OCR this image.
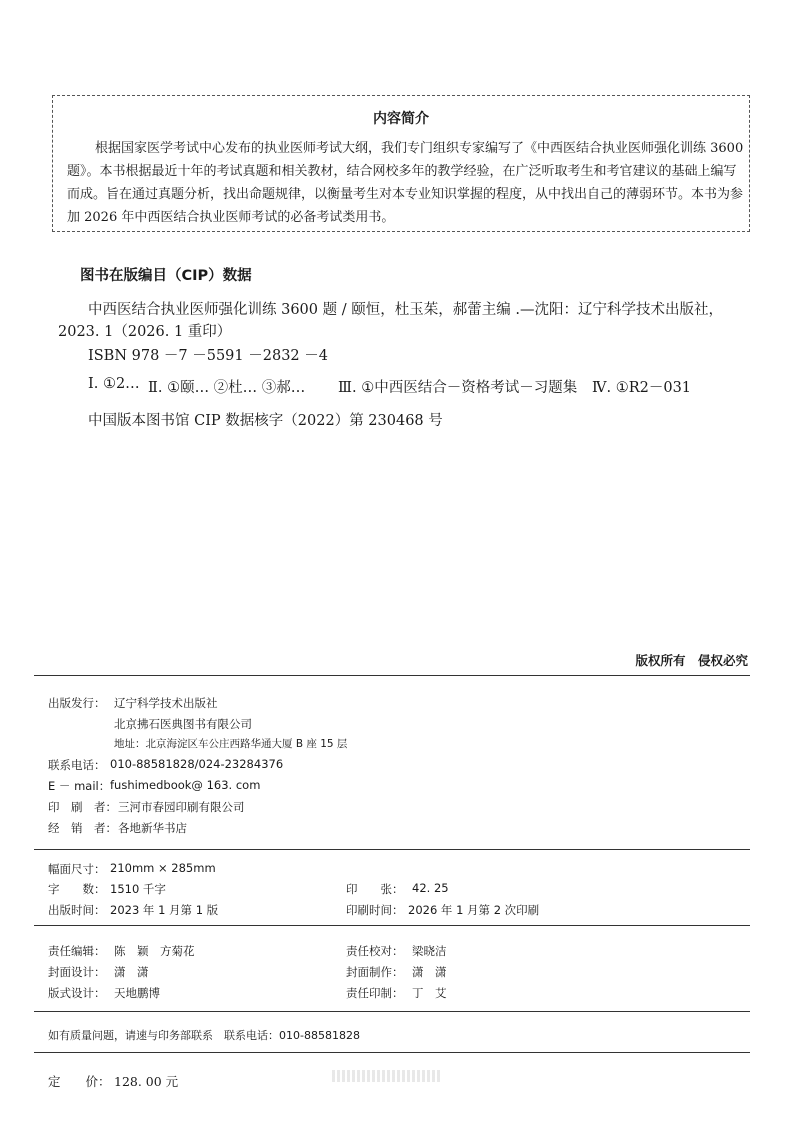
内容简介
根据国家医学考试中心发布的执业医师考试大纲，我们专门组织专家编写了《中西医结合执业医师强化训练 3600
题》。本书根据最近十年的考试真题和相关教材，结合网校多年的教学经验，在广泛听取考生和考官建议的基础上编写
而成。旨在通过真题分析，找出命题规律，以衡量考生对本专业知识掌握的程度，从中找出自己的薄弱环节。本书为参
加 2026 年中西医结合执业医师考试的必备考试类用书。
图书在版编目（CIP）数据
中西医结合执业医师强化训练 3600 题 / 颐恒，杜玉茱，郝蕾主编 .—沈阳：辽宁科学技术出版社，
2023. 1（2026. 1 重印）
ISBN 978 －7 －5591 －2832 －4
Ⅰ. ①2… Ⅱ. ①颐… ②杜… ③郝… Ⅲ. ①中西医结合－资格考试－习题集 Ⅳ. ①R2－031
中国版本图书馆 CIP 数据核字（2022）第 230468 号
版权所有　侵权必究
出版发行： 辽宁科学技术出版社
北京拂石医典图书有限公司
地址：北京海淀区车公庄西路华通大厦 B 座 15 层
联系电话： 010-88581828/024-23284376
E － mail： fushimedbook@ 163. com
印　刷　者： 三河市春园印刷有限公司
经　销　者： 各地新华书店
幅面尺寸： 210mm × 285mm
字　　数： 1510 千字	印　　张： 42. 25
出版时间： 2023 年 1 月第 1 版	印刷时间： 2026 年 1 月第 2 次印刷
责任编辑： 陈　颖　方菊花	责任校对： 梁晓洁
封面设计： 潇　潇	封面制作： 潇　潇
版式设计： 天地鹏博	责任印制： 丁　艾
如有质量问题，请速与印务部联系　联系电话：010-88581828
定　　价： 128. 00 元
